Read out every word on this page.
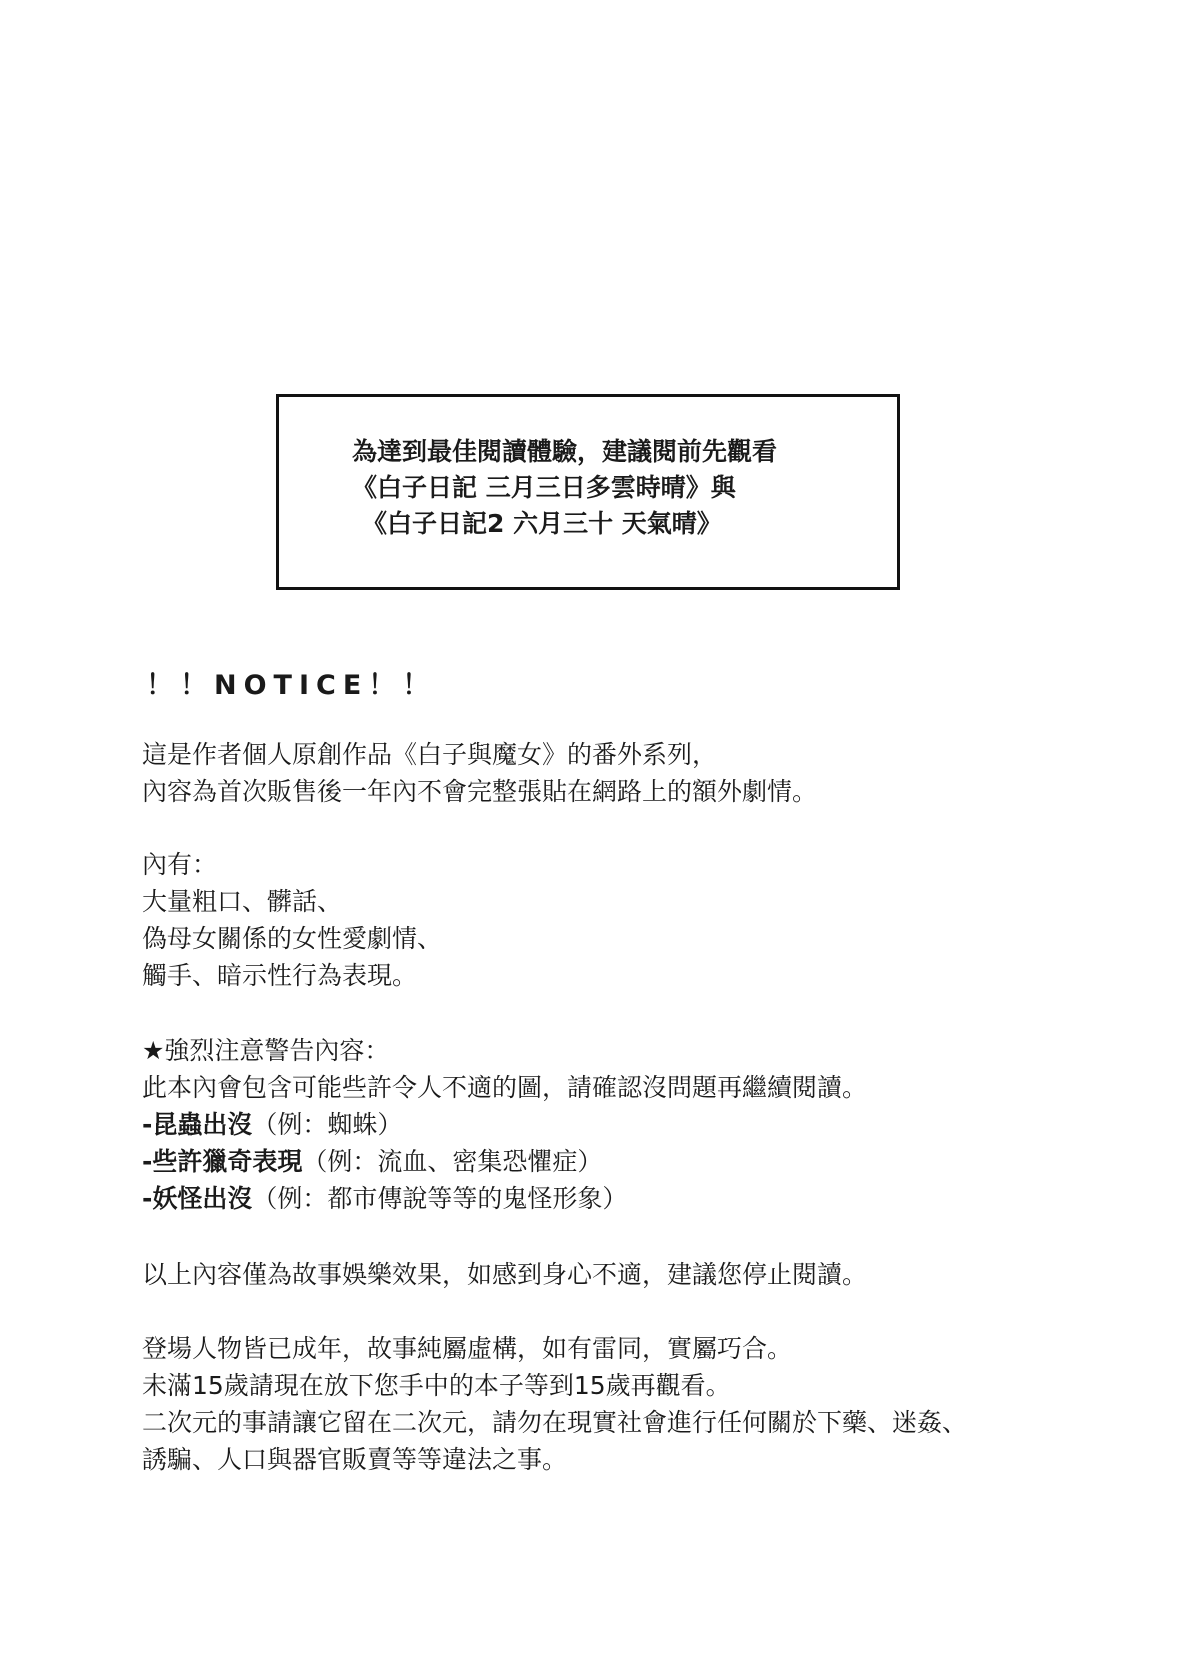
為達到最佳閱讀體驗，建議閱前先觀看
《白子日記 三月三日多雲時晴》與
《白子日記2 六月三十 天氣晴》
！！NOTICE！！
這是作者個人原創作品《白子與魔女》的番外系列，
內容為首次販售後一年內不會完整張貼在網路上的額外劇情。
內有：
大量粗口、髒話、
偽母女關係的女性愛劇情、
觸手、暗示性行為表現。
★強烈注意警告內容：
此本內會包含可能些許令人不適的圖，請確認沒問題再繼續閱讀。
-昆蟲出沒（例：蜘蛛）
-些許獵奇表現（例：流血、密集恐懼症）
-妖怪出沒（例：都市傳說等等的鬼怪形象）
以上內容僅為故事娛樂效果，如感到身心不適，建議您停止閱讀。
登場人物皆已成年，故事純屬虛構，如有雷同，實屬巧合。
未滿15歲請現在放下您手中的本子等到15歲再觀看。
二次元的事請讓它留在二次元，請勿在現實社會進行任何關於下藥、迷姦、
誘騙、人口與器官販賣等等違法之事。
